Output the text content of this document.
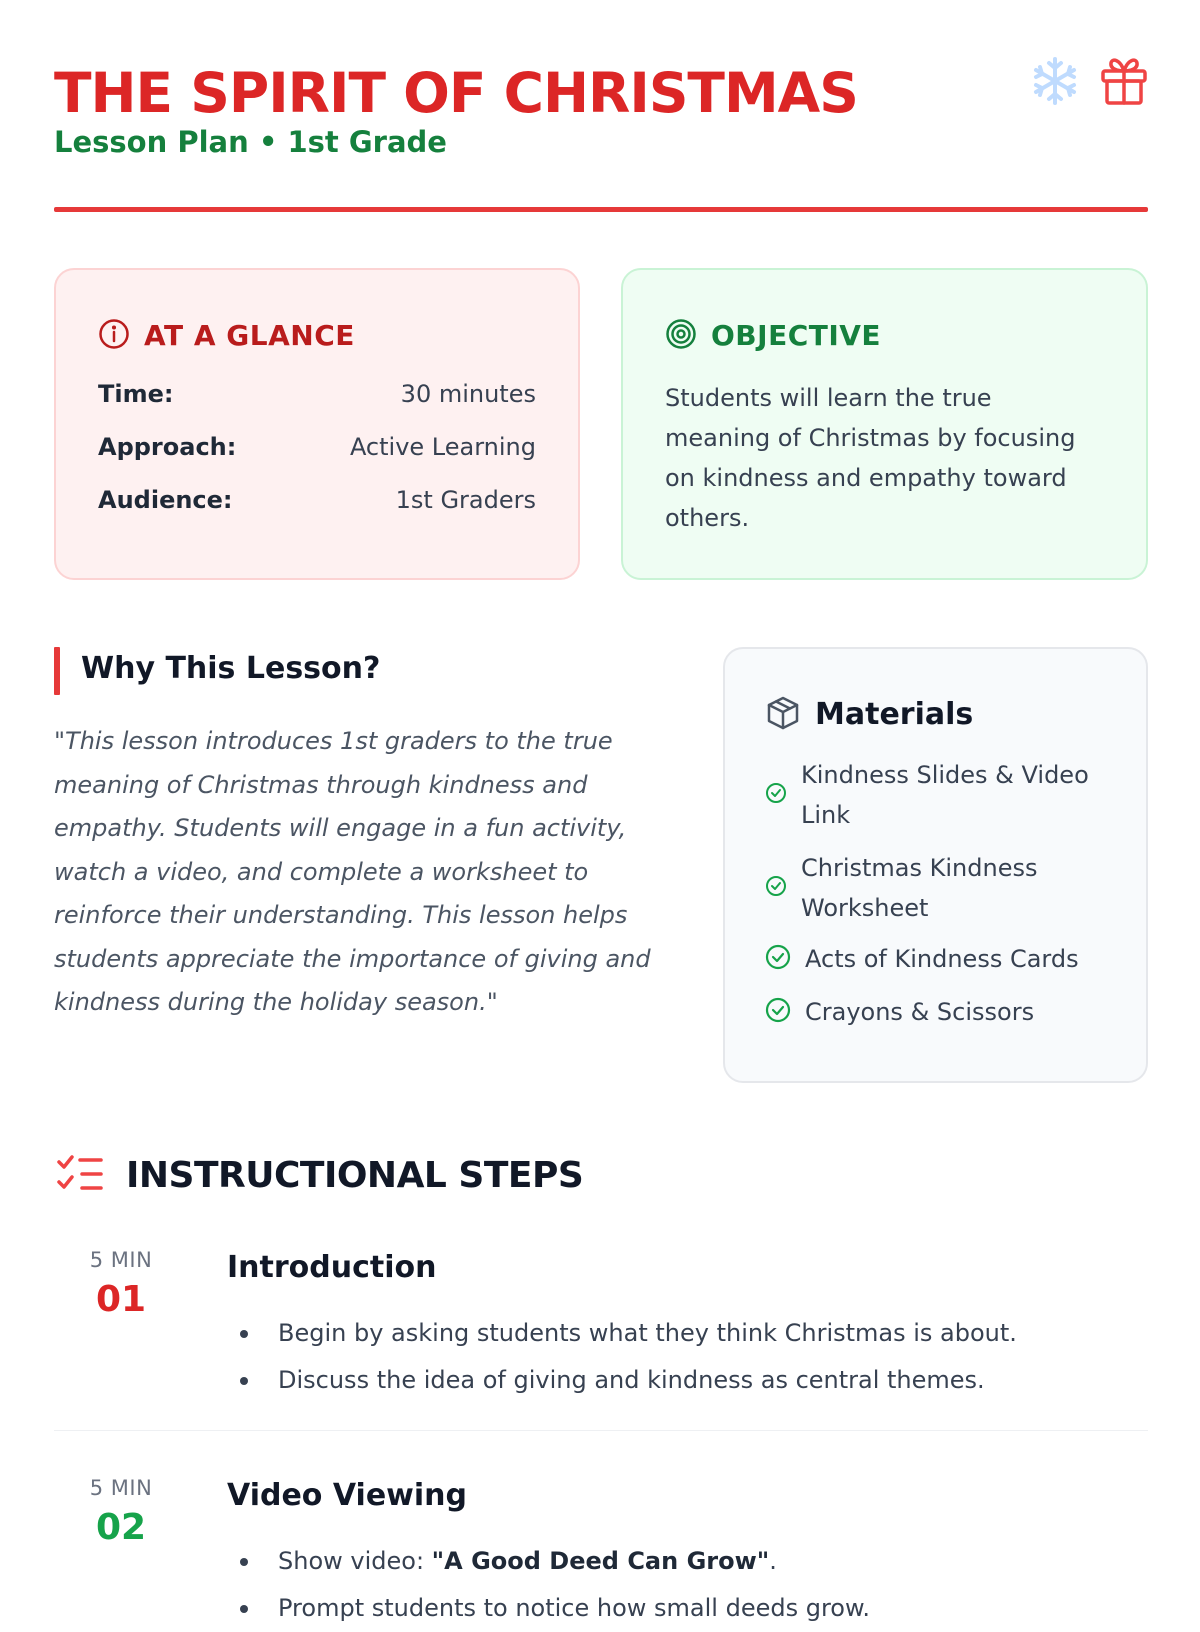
THE SPIRIT OF CHRISTMAS
Lesson Plan • 1st Grade
AT A GLANCE
Time:	30 minutes
Approach:	Active Learning
Audience:	1st Graders
OBJECTIVE
Students will learn the true meaning of Christmas by focusing on kindness and empathy toward others.
Why This Lesson?
"This lesson introduces 1st graders to the true meaning of Christmas through kindness and empathy. Students will engage in a fun activity, watch a video, and complete a worksheet to reinforce their understanding. This lesson helps students appreciate the importance of giving and kindness during the holiday season."
Materials
Kindness Slides & Video Link
Christmas Kindness Worksheet
Acts of Kindness Cards
Crayons & Scissors
INSTRUCTIONAL STEPS
5 MIN
01
Introduction
Begin by asking students what they think Christmas is about.
Discuss the idea of giving and kindness as central themes.
5 MIN
02
Video Viewing
Show video: "A Good Deed Can Grow".
Prompt students to notice how small deeds grow.
